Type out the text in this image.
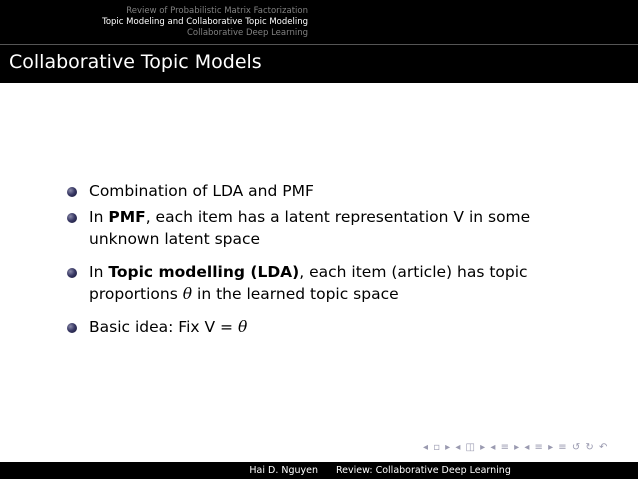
Review of Probabilistic Matrix Factorization
Topic Modeling and Collaborative Topic Modeling
Collaborative Deep Learning
Collaborative Topic Models
Combination of LDA and PMF
In PMF, each item has a latent representation V in some
unknown latent space
In Topic modelling (LDA), each item (article) has topic
proportions θ in the learned topic space
Basic idea: Fix V = θ
◂ ▫ ▸ ◂ ◫ ▸ ◂ ≡ ▸ ◂ ≡ ▸ ≡ ↺ ↻ ↶
Hai D. Nguyen	Review: Collaborative Deep Learning
